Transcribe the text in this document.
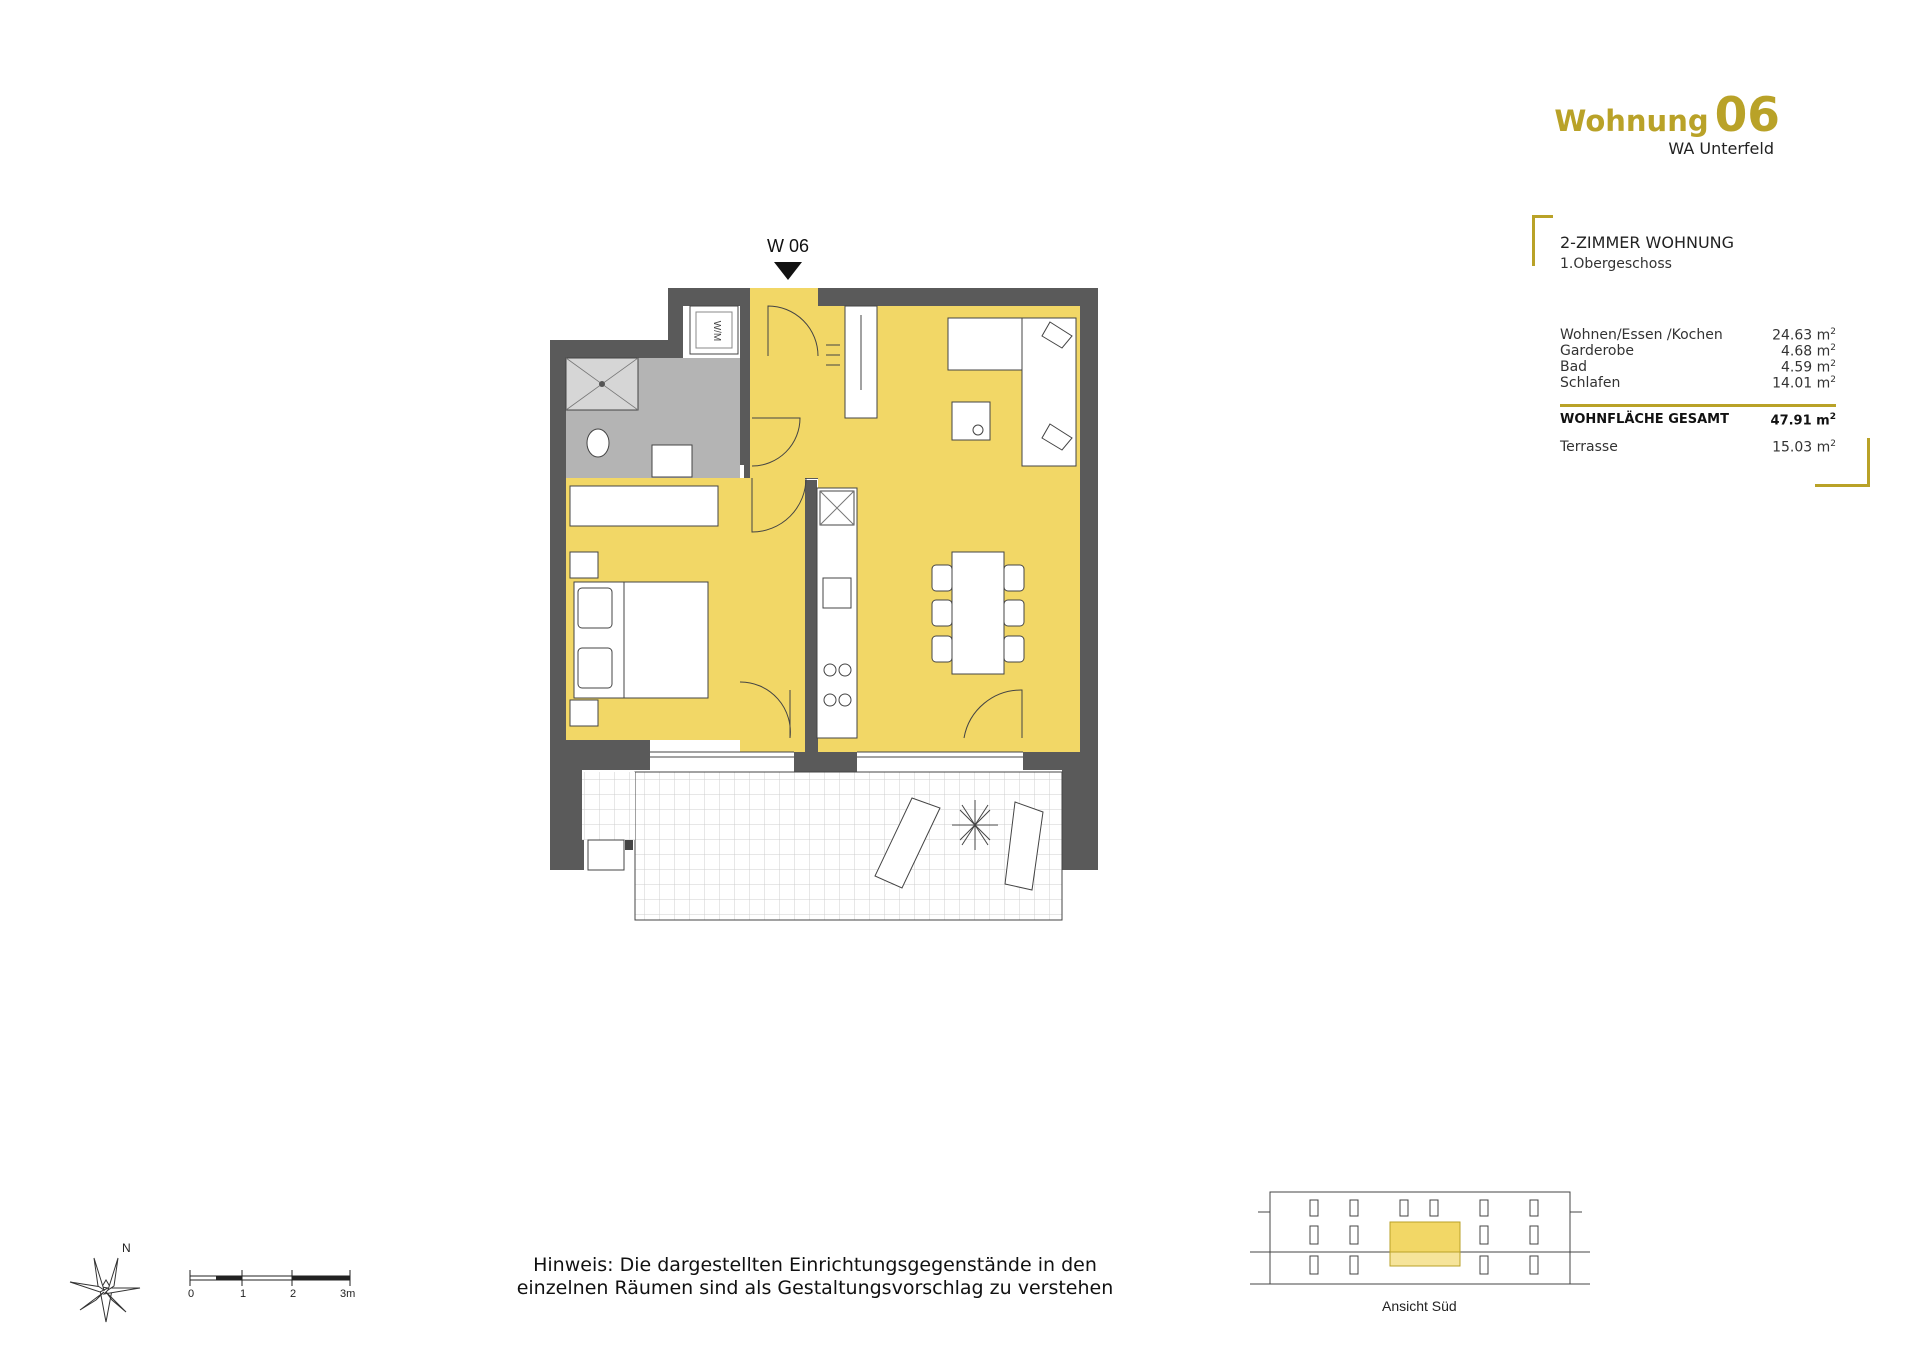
Wohnung 06
WA Unterfeld
2-ZIMMER WOHNUNG
1.Obergeschoss
Wohnen/Essen /Kochen	24.63 $m^2$
Garderobe	4.68 $m^2$
Bad	4.59 $m^2$
Schlafen	14.01 $m^2$
WOHNFLÄCHE GESAMT	47.91 $m^2$
Terrasse	15.03 $m^2$
W/M
N
W 06
0	1	2	3m
Hinweis: Die dargestellten Einrichtungsgegenstände in den
einzelnen Räumen sind als Gestaltungsvorschlag zu verstehen
Ansicht Süd
